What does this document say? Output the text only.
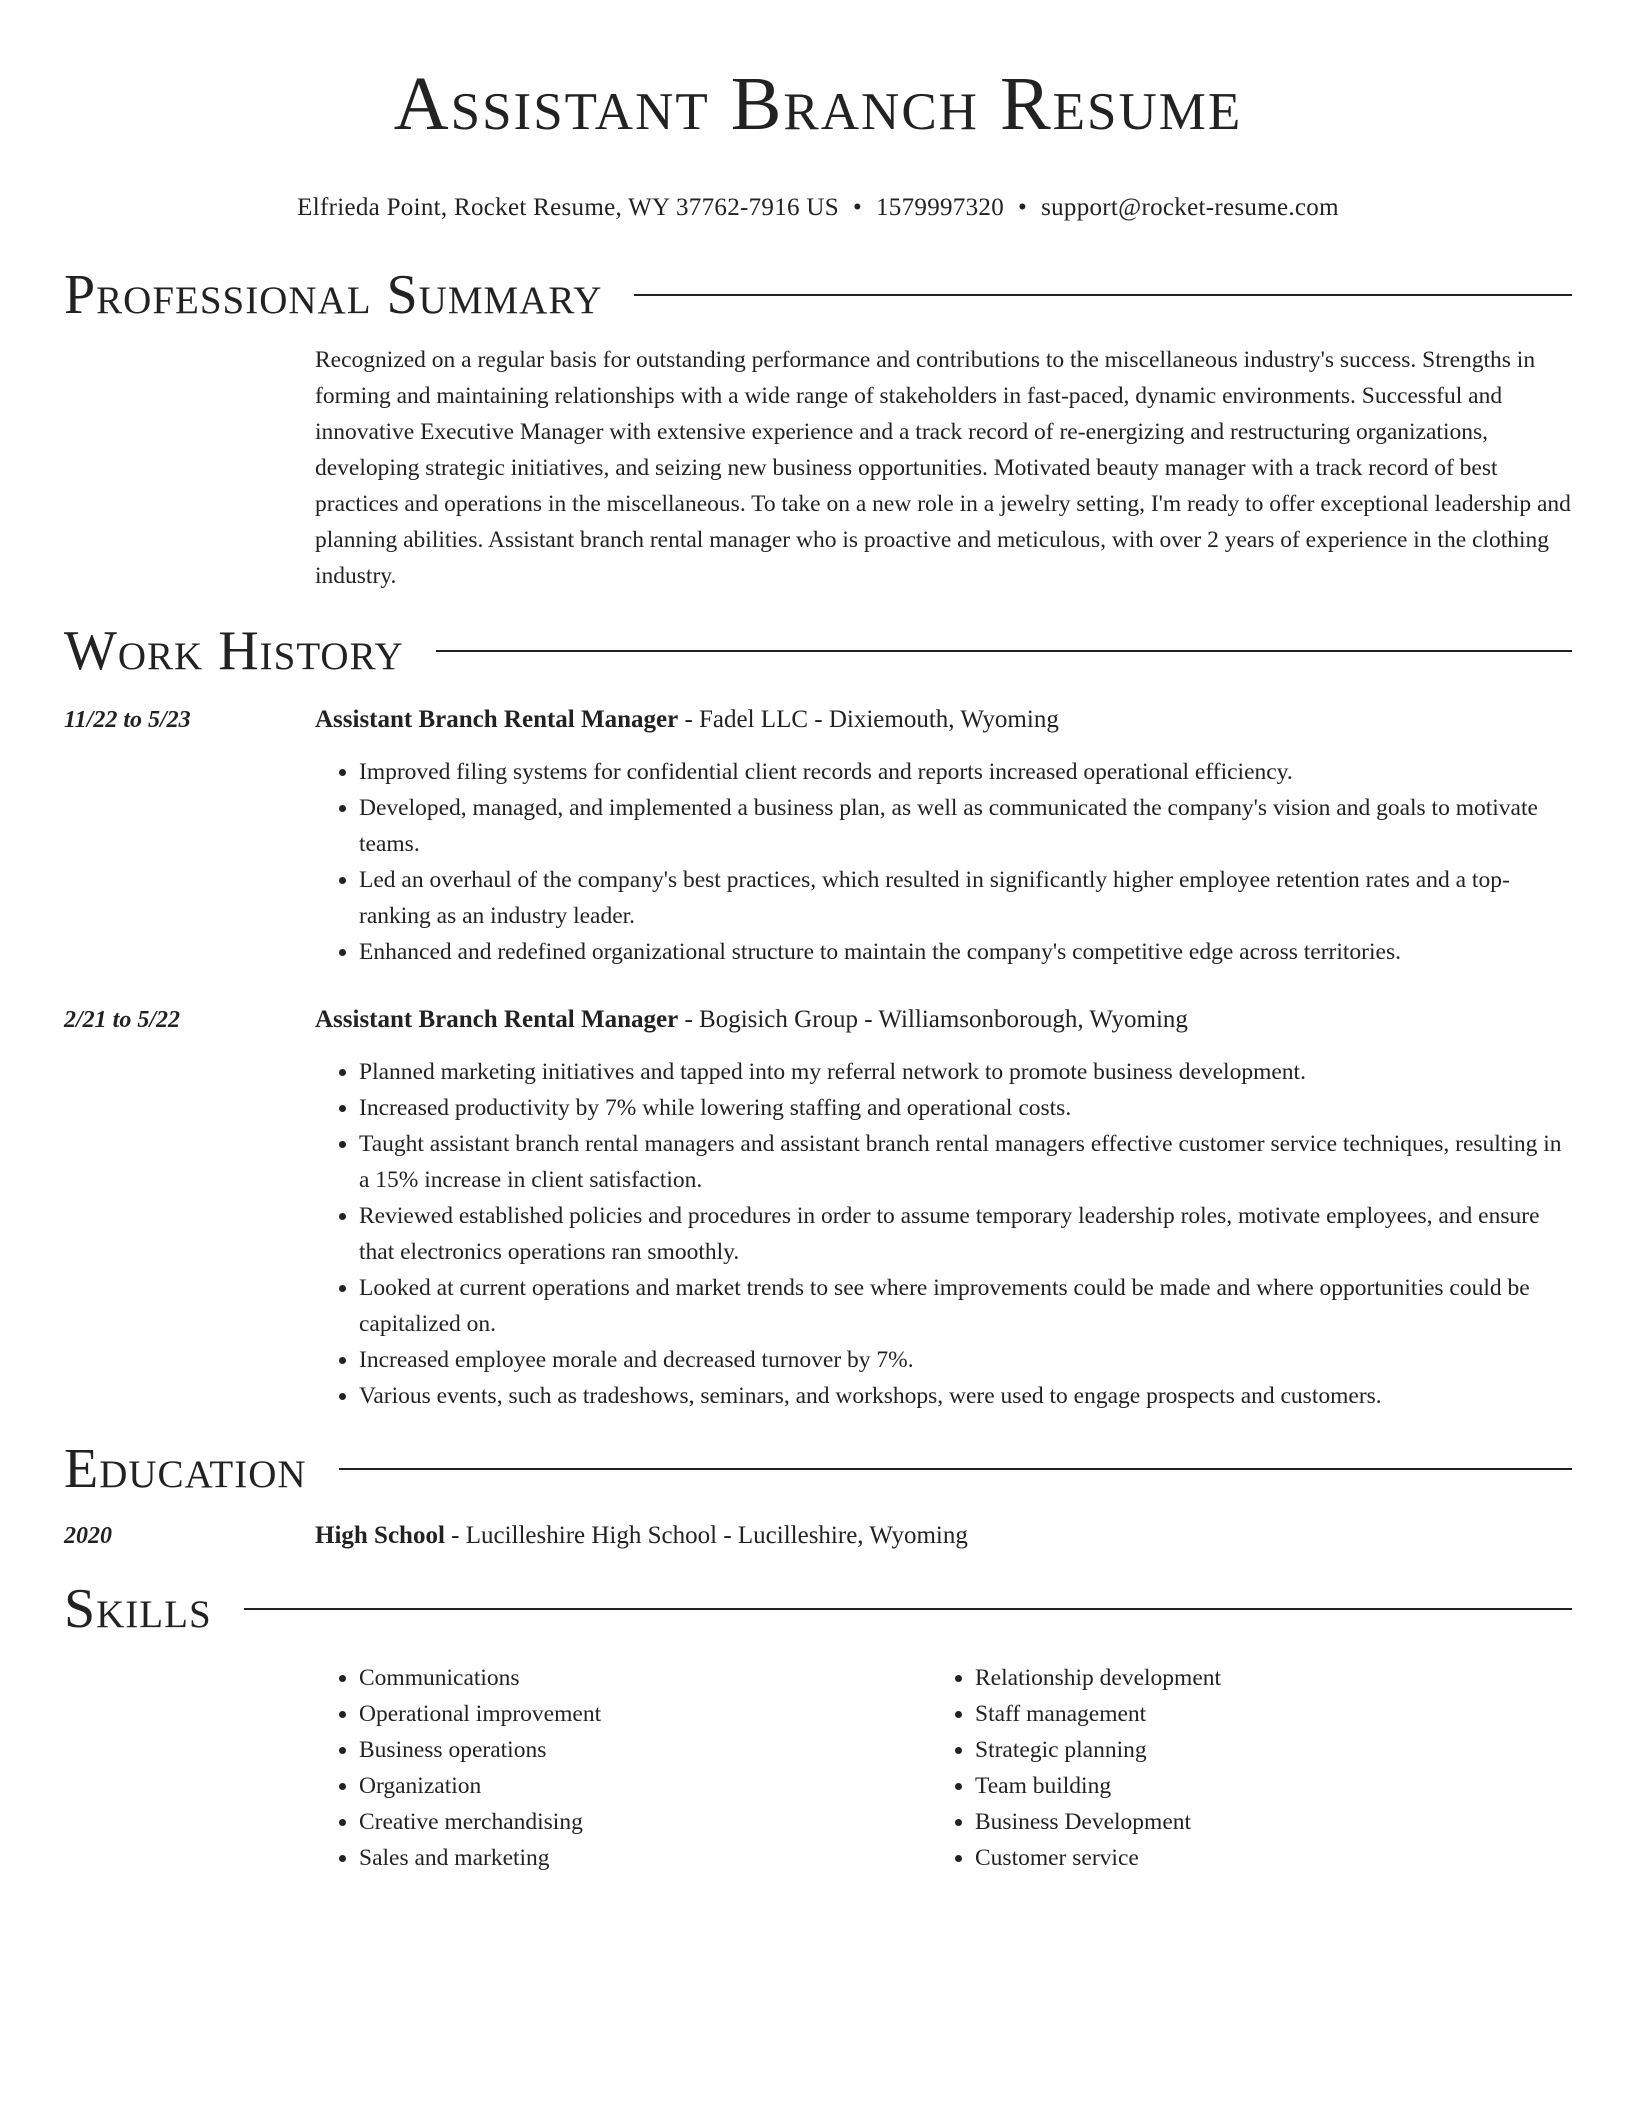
Assistant Branch Resume
Elfrieda Point, Rocket Resume, WY 37762-7916 US • 1579997320 • support@rocket-resume.com
Professional Summary
Recognized on a regular basis for outstanding performance and contributions to the miscellaneous industry's success. Strengths in forming and maintaining relationships with a wide range of stakeholders in fast-paced, dynamic environments. Successful and innovative Executive Manager with extensive experience and a track record of re-energizing and restructuring organizations, developing strategic initiatives, and seizing new business opportunities. Motivated beauty manager with a track record of best practices and operations in the miscellaneous. To take on a new role in a jewelry setting, I'm ready to offer exceptional leadership and planning abilities. Assistant branch rental manager who is proactive and meticulous, with over 2 years of experience in the clothing industry.
Work History
11/22 to 5/23	Assistant Branch Rental Manager - Fadel LLC - Dixiemouth, Wyoming
• Improved filing systems for confidential client records and reports increased operational efficiency.
• Developed, managed, and implemented a business plan, as well as communicated the company's vision and goals to motivate teams.
• Led an overhaul of the company's best practices, which resulted in significantly higher employee retention rates and a top-ranking as an industry leader.
• Enhanced and redefined organizational structure to maintain the company's competitive edge across territories.
2/21 to 5/22	Assistant Branch Rental Manager - Bogisich Group - Williamsonborough, Wyoming
• Planned marketing initiatives and tapped into my referral network to promote business development.
• Increased productivity by 7% while lowering staffing and operational costs.
• Taught assistant branch rental managers and assistant branch rental managers effective customer service techniques, resulting in a 15% increase in client satisfaction.
• Reviewed established policies and procedures in order to assume temporary leadership roles, motivate employees, and ensure that electronics operations ran smoothly.
• Looked at current operations and market trends to see where improvements could be made and where opportunities could be capitalized on.
• Increased employee morale and decreased turnover by 7%.
• Various events, such as tradeshows, seminars, and workshops, were used to engage prospects and customers.
Education
2020	High School - Lucilleshire High School - Lucilleshire, Wyoming
Skills
• Communications
• Operational improvement
• Business operations
• Organization
• Creative merchandising
• Sales and marketing
• Relationship development
• Staff management
• Strategic planning
• Team building
• Business Development
• Customer service
